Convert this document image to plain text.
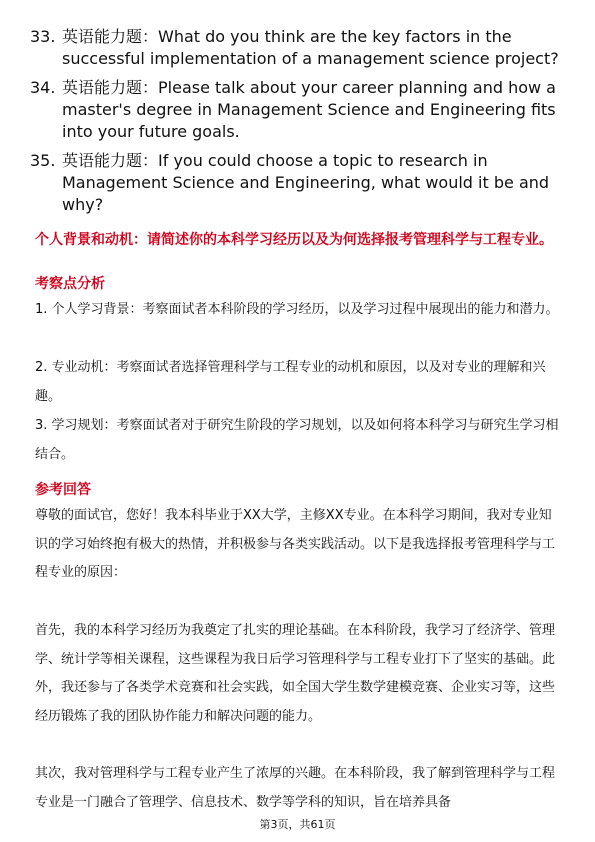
33. 英语能力题：What do you think are the key factors in the successful implementation of a management science project?
34. 英语能力题：Please talk about your career planning and how a master's degree in Management Science and Engineering fits into your future goals.
35. 英语能力题：If you could choose a topic to research in Management Science and Engineering, what would it be and why?
个人背景和动机：请简述你的本科学习经历以及为何选择报考管理科学与工程专业。
考察点分析
1. 个人学习背景：考察面试者本科阶段的学习经历，以及学习过程中展现出的能力和潜力。
2. 专业动机：考察面试者选择管理科学与工程专业的动机和原因，以及对专业的理解和兴趣。
3. 学习规划：考察面试者对于研究生阶段的学习规划，以及如何将本科学习与研究生学习相结合。
参考回答
尊敬的面试官，您好！我本科毕业于XX大学，主修XX专业。在本科学习期间，我对专业知识的学习始终抱有极大的热情，并积极参与各类实践活动。以下是我选择报考管理科学与工程专业的原因：
首先，我的本科学习经历为我奠定了扎实的理论基础。在本科阶段，我学习了经济学、管理学、统计学等相关课程，这些课程为我日后学习管理科学与工程专业打下了坚实的基础。此外，我还参与了各类学术竞赛和社会实践，如全国大学生数学建模竞赛、企业实习等，这些经历锻炼了我的团队协作能力和解决问题的能力。
其次，我对管理科学与工程专业产生了浓厚的兴趣。在本科阶段，我了解到管理科学与工程专业是一门融合了管理学、信息技术、数学等学科的知识，旨在培养具备
第3页，共61页
